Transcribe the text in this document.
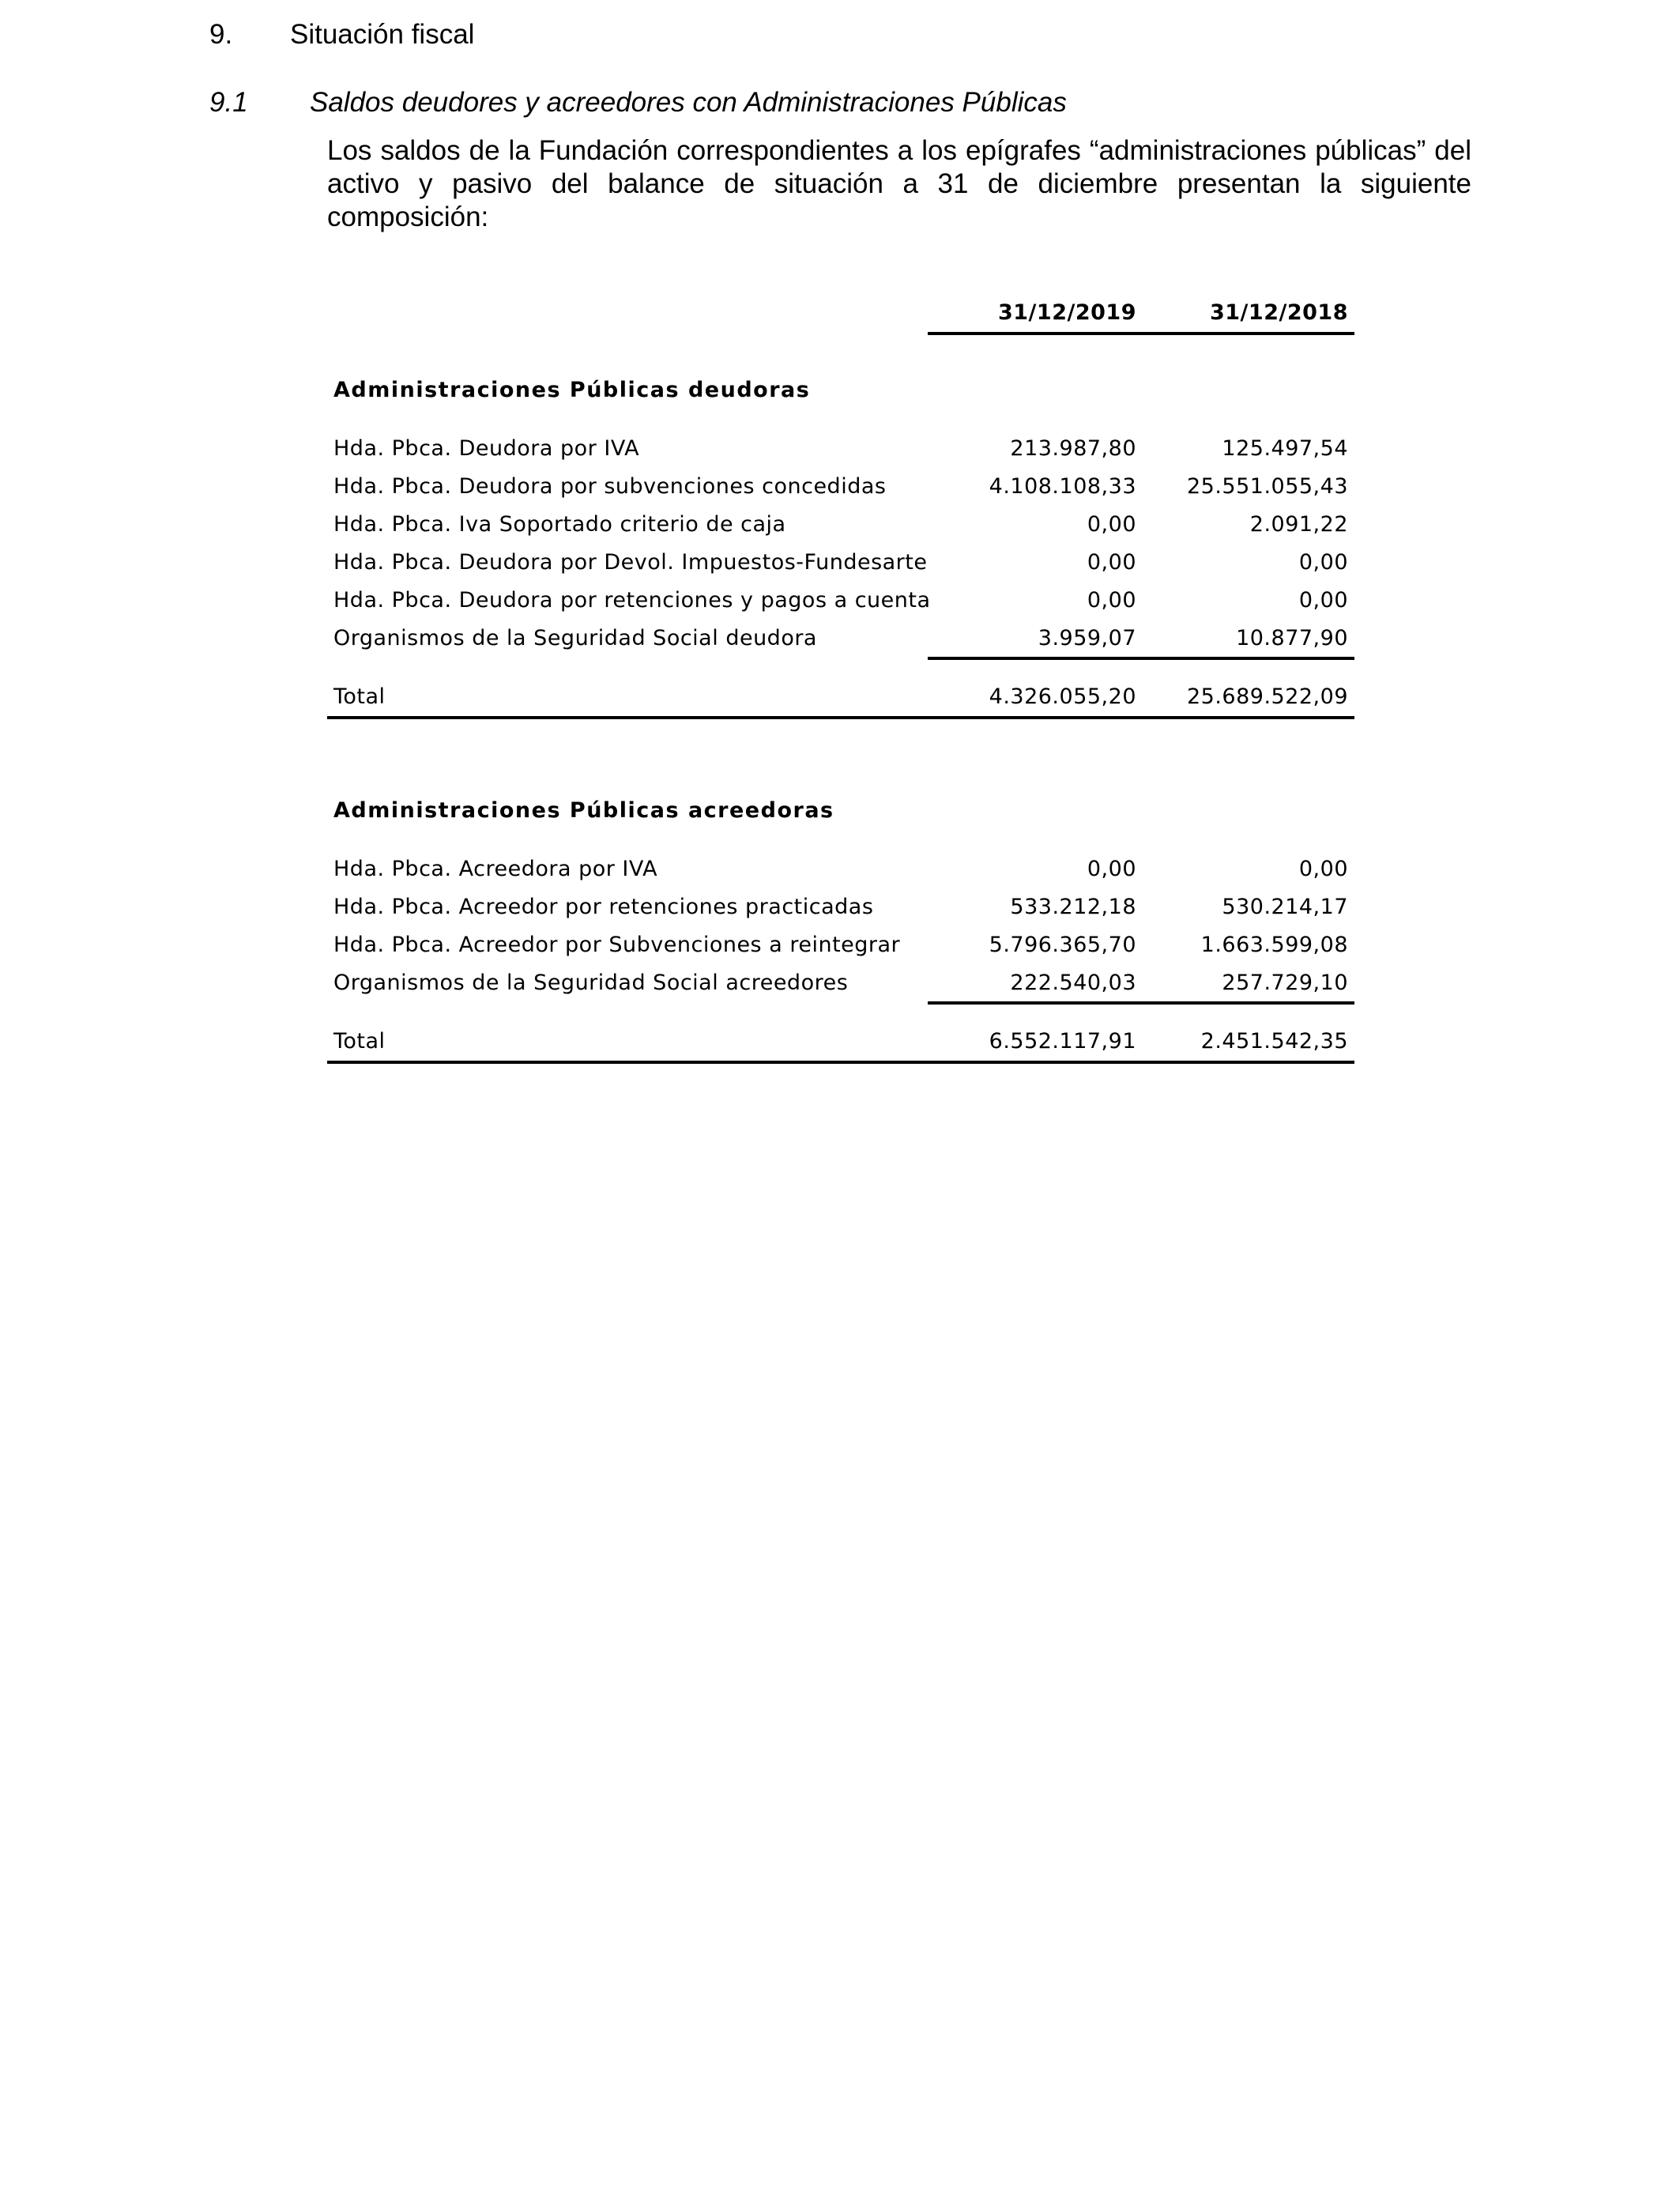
9. Situación fiscal
9.1 Saldos deudores y acreedores con Administraciones Públicas

Los saldos de la Fundación correspondientes a los epígrafes “administraciones públicas” del activo y pasivo del balance de situación a 31 de diciembre presentan la siguiente composición:

31/12/2019	31/12/2018
Administraciones Públicas deudoras
Hda. Pbca. Deudora por IVA	213.987,80	125.497,54
Hda. Pbca. Deudora por subvenciones concedidas	4.108.108,33 25.551.055,43
Hda. Pbca. Iva Soportado criterio de caja	0,00	2.091,22
Hda. Pbca. Deudora por Devol. Impuestos-Fundesarte	0,00	0,00
Hda. Pbca. Deudora por retenciones y pagos a cuenta	0,00	0,00
Organismos de la Seguridad Social deudora	3.959,07	10.877,90
Total	4.326.055,20 25.689.522,09
Administraciones Públicas acreedoras
Hda. Pbca. Acreedora por IVA	0,00	0,00
Hda. Pbca. Acreedor por retenciones practicadas	533.212,18	530.214,17
Hda. Pbca. Acreedor por Subvenciones a reintegrar	5.796.365,70	1.663.599,08
Organismos de la Seguridad Social acreedores	222.540,03	257.729,10
Total	6.552.117,91	2.451.542,35
